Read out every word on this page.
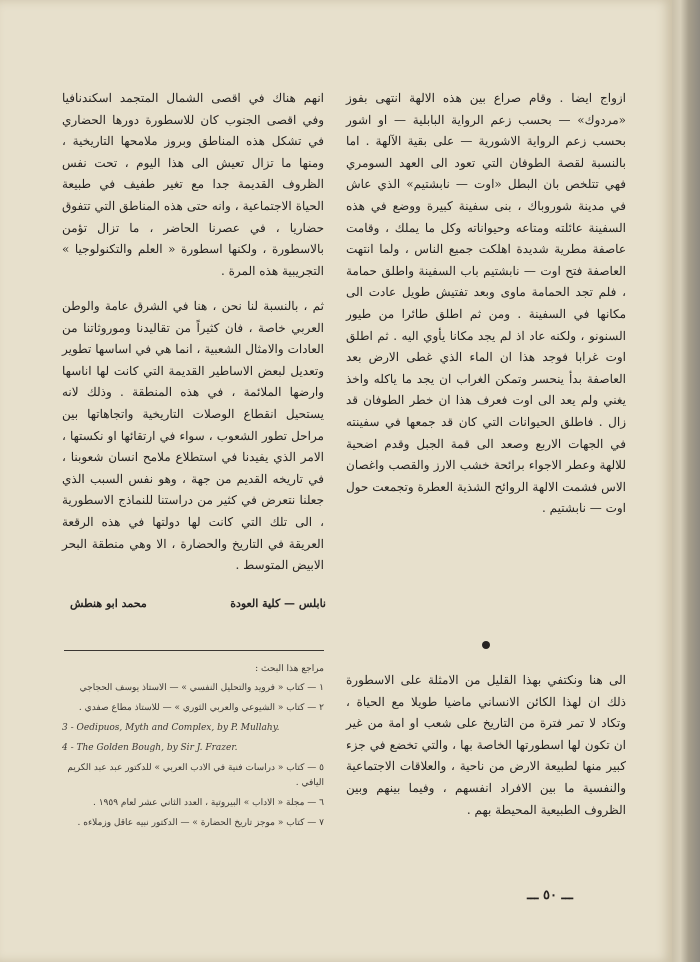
ازواج ايضا . وقام صراع بين هذه الالهة انتهى بفوز «مردوك» — بحسب زعم الرواية البابلية — او اشور بحسب زعم الرواية الاشورية — على بقية الآلهة . اما بالنسبة لقصة الطوفان التي تعود الى العهد السومري فهي تتلخص بان البطل «اوت — نابشتيم» الذي عاش في مدينة شوروباك ، بنى سفينة كبيرة ووضع في هذه السفينة عائلته ومتاعه وحيواناته وكل ما يملك ، وقامت عاصفة مطرية شديدة اهلكت جميع الناس ، ولما انتهت العاصفة فتح اوت — نابشتيم باب السفينة واطلق حمامة ، فلم تجد الحمامة ماوى وبعد تفتيش طويل عادت الى مكانها في السفينة . ومن ثم اطلق طائرا من طيور السنونو ، ولكنه عاد اذ لم يجد مكانا يأوي اليه . ثم اطلق اوت غرابا فوجد هذا ان الماء الذي غطى الارض بعد العاصفة بدأ ينحسر وتمكن الغراب ان يجد ما ياكله واخذ يغني ولم يعد الى اوت فعرف هذا ان خطر الطوفان قد زال . فاطلق الحيوانات التي كان قد جمعها في سفينته في الجهات الاربع وصعد الى قمة الجبل وقدم اضحية للالهة وعطر الاجواء برائحة خشب الارز والقصب واغصان الاس فشمت الالهة الروائح الشذية العطرة وتجمعت حول اوت — نابشتيم .

انهم هناك في اقصى الشمال المتجمد اسكندنافيا وفي اقصى الجنوب كان للاسطورة دورها الحضاري في تشكل هذه المناطق وبروز ملامحها التاريخية ، ومنها ما تزال تعيش الى هذا اليوم ، تحت نفس الظروف القديمة جدا مع تغير طفيف في طبيعة الحياة الاجتماعية ، وانه حتى هذه المناطق التي تتفوق حضاريا ، في عصرنا الحاضر ، ما تزال تؤمن بالاسطورة ، ولكنها اسطورة « العلم والتكنولوجيا » التجريبية هذه المرة .

ثم ، بالنسبة لنا نحن ، هنا في الشرق عامة والوطن العربي خاصة ، فان كثيراً من تقاليدنا وموروثاتنا من العادات والامثال الشعبية ، انما هي في اساسها تطوير وتعديل لبعض الاساطير القديمة التي كانت لها اناسها وارضها الملائمة ، في هذه المنطقة . وذلك لانه يستحيل انقطاع الوصلات التاريخية واتجاهاتها بين مراحل تطور الشعوب ، سواء في ارتقائها او نكستها ، الامر الذي يفيدنا في استطلاع ملامح انسان شعوبنا ، في تاريخه القديم من جهة ، وهو نفس السبب الذي جعلنا نتعرض في كثير من دراستنا للنماذج الاسطورية ، الى تلك التي كانت لها دولتها في هذه الرقعة العريقة في التاريخ والحضارة ، الا وهي منطقة البحر الابيض المتوسط .

نابلس — كلية العودة
محمد ابو هنطش
مراجع هذا البحث :
١ — كتاب « فرويد والتحليل النفسي » — الاستاذ يوسف الحجاجي
٢ — كتاب « الشيوعي والعربي الثوري » — للاستاذ مطاع صفدي .
3 - Oedipuos, Myth and Complex, by P. Mullahy.
4 - The Golden Bough, by Sir J. Frazer.
٥ — كتاب « دراسات فنية في الادب العربي » للدكتور عبد عبد الكريم اليافي .
٦ — مجلة « الاداب » البيروتية ، العدد الثاني عشر لعام ١٩٥٩ .
٧ — كتاب « موجز تاريخ الحضارة » — الدكتور نبيه عاقل وزملاءه .

الى هنا ونكتفي بهذا القليل من الامثلة على الاسطورة ذلك ان لهذا الكائن الانساني ماضيا طويلا مع الحياة ، وتكاد لا تمر فترة من التاريخ على شعب او امة من غير ان تكون لها اسطورتها الخاصة بها ، والتي تخضع في جزء كبير منها لطبيعة الارض من ناحية ، والعلاقات الاجتماعية والنفسية ما بين الافراد انفسهم ، وفيما بينهم وبين الظروف الطبيعية المحيطة بهم .

ـــ ٥٠ ـــ
